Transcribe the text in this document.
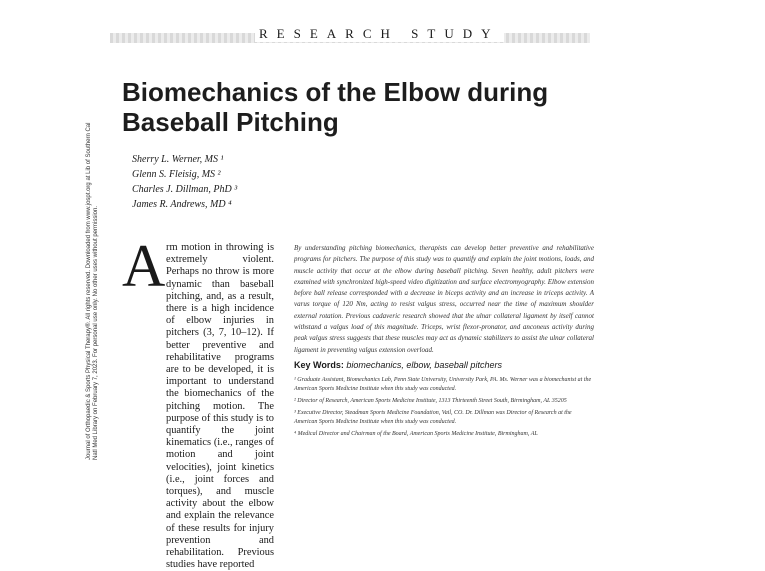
RESEARCH STUDY
Biomechanics of the Elbow during Baseball Pitching
Sherry L. Werner, MS ¹
Glenn S. Fleisig, MS ²
Charles J. Dillman, PhD ³
James R. Andrews, MD ⁴
Journal of Orthopaedic & Sports Physical Therapy®. All rights reserved. Downloaded from www.jospt.org at Lib of Southern Cal Natl Med Library on February 7, 2023. For personal use only. No other uses without permission. A rm motion in throwing is extremely violent. Perhaps no throw is more dynamic than baseball pitching, and, as a result, there is a high incidence of elbow injuries in pitchers (3, 7, 10–12). If better preventive and rehabilitative programs are to be developed, it is important to understand the biomechanics of the pitching motion. The purpose of this study is to quantify the joint kinematics (i.e., ranges of motion and joint velocities), joint kinetics (i.e., joint forces and torques), and muscle activity about the elbow and explain the relevance of these results for injury prevention and rehabilitation. Previous studies have reported
By understanding pitching biomechanics, therapists can develop better preventive and rehabilitative programs for pitchers. The purpose of this study was to quantify and explain the joint motions, loads, and muscle activity that occur at the elbow during baseball pitching. Seven healthy, adult pitchers were examined with synchronized high-speed video digitization and surface electromyography. Elbow extension before ball release corresponded with a decrease in biceps activity and an increase in triceps activity. A varus torque of 120 Nm, acting to resist valgus stress, occurred near the time of maximum shoulder external rotation. Previous cadaveric research showed that the ulnar collateral ligament by itself cannot withstand a valgus load of this magnitude. Triceps, wrist flexor-pronator, and anconeus activity during peak valgus stress suggests that these muscles may act as dynamic stabilizers to assist the ulnar collateral ligament in preventing valgus extension overload.
Key Words: biomechanics, elbow, baseball pitchers

¹ Graduate Assistant, Biomechanics Lab, Penn State University, University Park, PA. Ms. Werner was a biomechanist at the American Sports Medicine Institute when this study was conducted.

² Director of Research, American Sports Medicine Institute, 1313 Thirteenth Street South, Birmingham, AL 35205

³ Executive Director, Steadman Sports Medicine Foundation, Vail, CO. Dr. Dillman was Director of Research at the American Sports Medicine Institute when this study was conducted.

⁴ Medical Director and Chairman of the Board, American Sports Medicine Institute, Birmingham, AL
